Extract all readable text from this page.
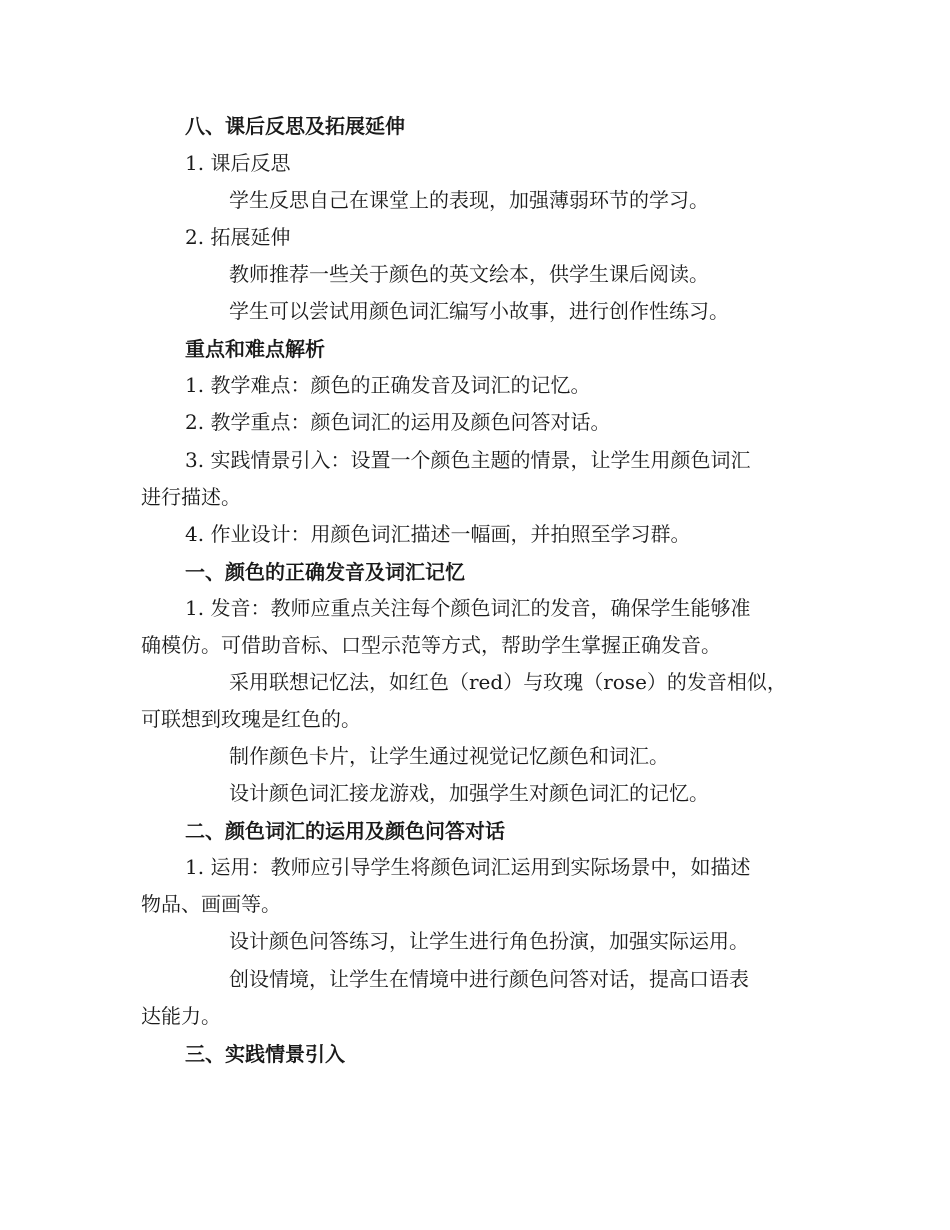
八、课后反思及拓展延伸
1. 课后反思
学生反思自己在课堂上的表现，加强薄弱环节的学习。
2. 拓展延伸
教师推荐一些关于颜色的英文绘本，供学生课后阅读。
学生可以尝试用颜色词汇编写小故事，进行创作性练习。
重点和难点解析
1. 教学难点：颜色的正确发音及词汇的记忆。
2. 教学重点：颜色词汇的运用及颜色问答对话。
3. 实践情景引入：设置一个颜色主题的情景，让学生用颜色词汇
进行描述。
4. 作业设计：用颜色词汇描述一幅画，并拍照至学习群。
一、颜色的正确发音及词汇记忆
1. 发音：教师应重点关注每个颜色词汇的发音，确保学生能够准
确模仿。可借助音标、口型示范等方式，帮助学生掌握正确发音。
采用联想记忆法，如红色（red）与玫瑰（rose）的发音相似，
可联想到玫瑰是红色的。
制作颜色卡片，让学生通过视觉记忆颜色和词汇。
设计颜色词汇接龙游戏，加强学生对颜色词汇的记忆。
二、颜色词汇的运用及颜色问答对话
1. 运用：教师应引导学生将颜色词汇运用到实际场景中，如描述
物品、画画等。
设计颜色问答练习，让学生进行角色扮演，加强实际运用。
创设情境，让学生在情境中进行颜色问答对话，提高口语表
达能力。
三、实践情景引入
